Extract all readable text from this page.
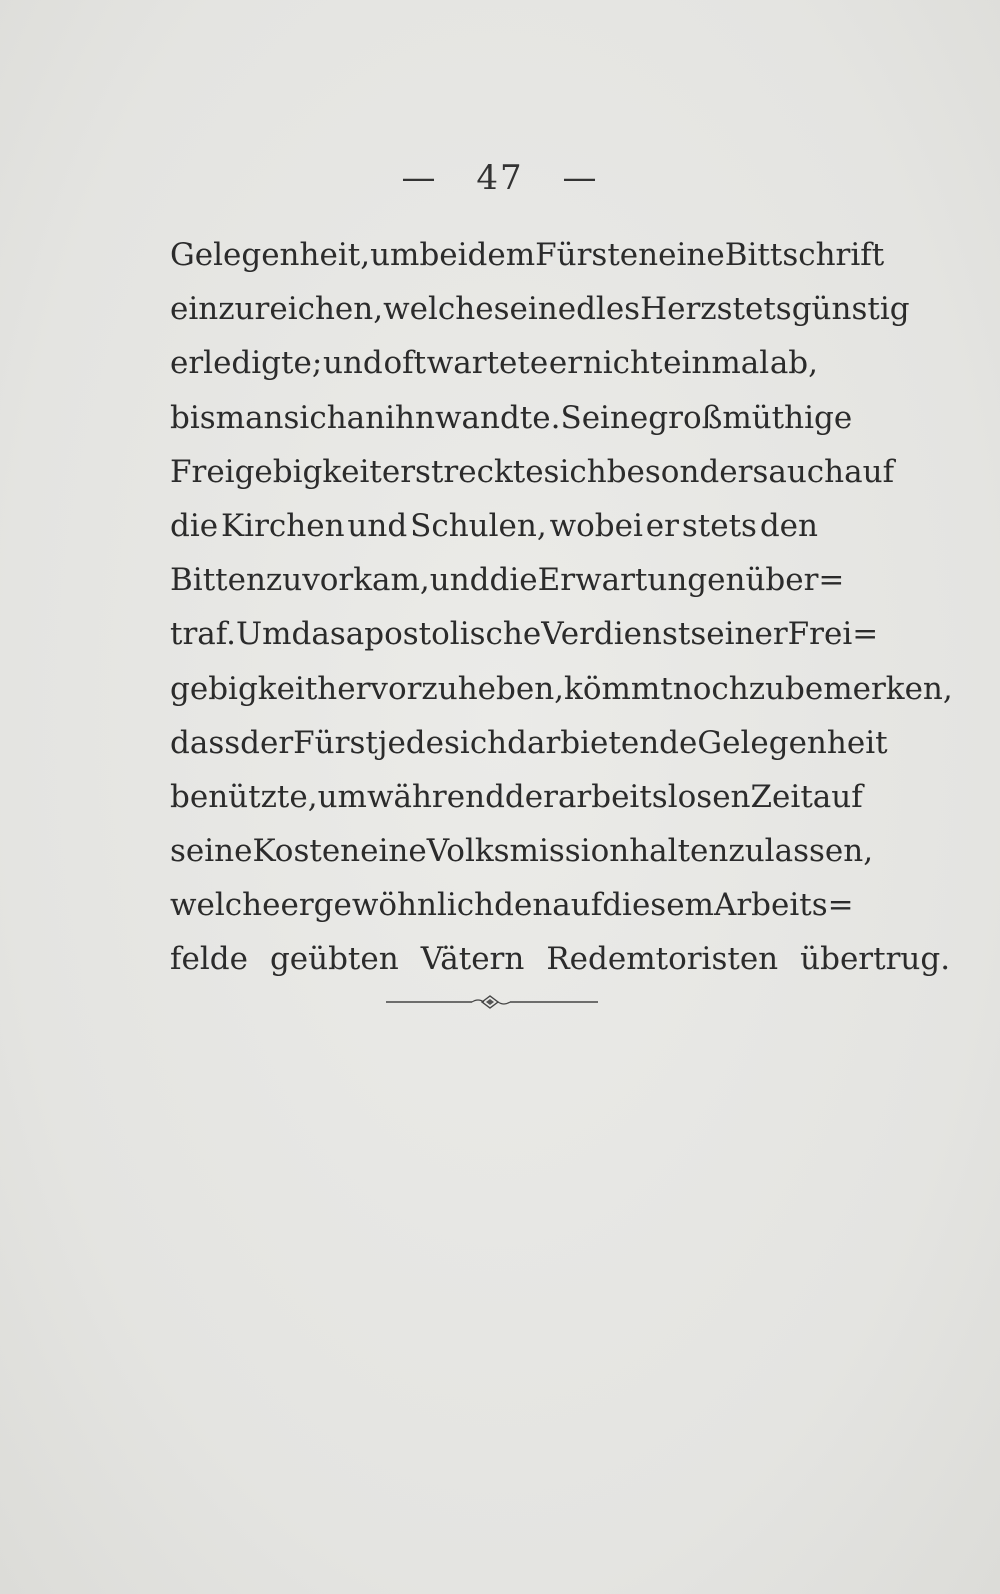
— 47 —
Gelegenheit, um bei dem Fürsten eine Bittschrift
einzureichen, welche sein edles Herz stets günstig
erledigte; und oft wartete er nicht einmal ab,
bis man sich an ihn wandte. Seine großmüthige
Freigebigkeit erstreckte sich besonders auch auf
die Kirchen und Schulen, wobei er stets den
Bitten zuvorkam, und die Erwartungen über=
traf. Um das apostolische Verdienst seiner Frei=
gebigkeit hervorzuheben, kömmt noch zu bemerken,
dass der Fürst jede sich darbietende Gelegenheit
benützte, um während der arbeitslosen Zeit auf
seine Kosten eine Volksmission halten zu lassen,
welche er gewöhnlich den auf diesem Arbeits=
felde geübten Vätern Redemtoristen übertrug.
